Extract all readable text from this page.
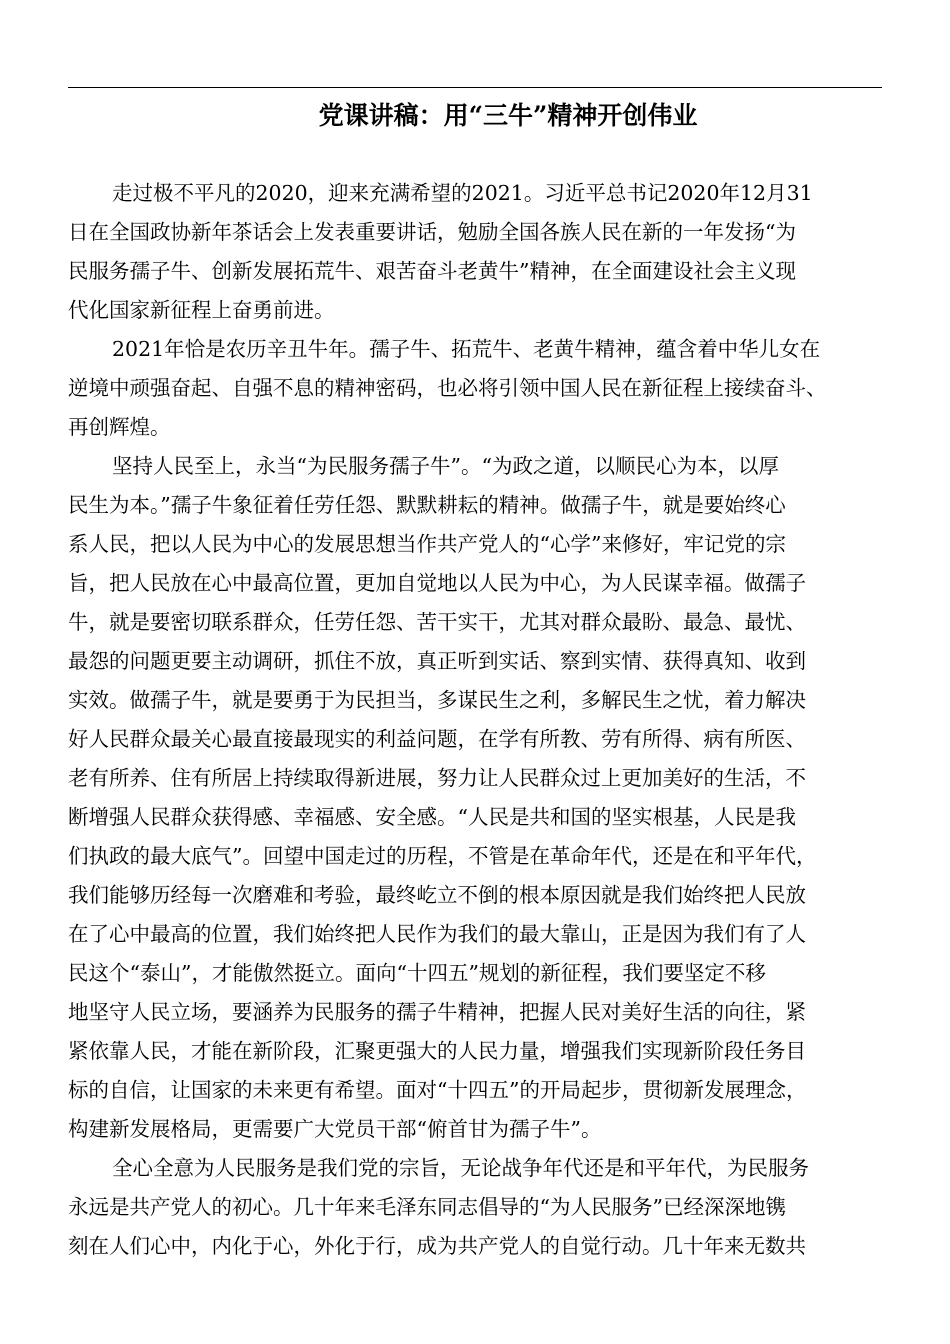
党课讲稿：用“三牛”精神开创伟业
走过极不平凡的2020，迎来充满希望的2021。习近平总书记2020年12月31
日在全国政协新年茶话会上发表重要讲话，勉励全国各族人民在新的一年发扬“为
民服务孺子牛、创新发展拓荒牛、艰苦奋斗老黄牛”精神，在全面建设社会主义现
代化国家新征程上奋勇前进。
2021年恰是农历辛丑牛年。孺子牛、拓荒牛、老黄牛精神，蕴含着中华儿女在
逆境中顽强奋起、自强不息的精神密码，也必将引领中国人民在新征程上接续奋斗、
再创辉煌。
坚持人民至上，永当“为民服务孺子牛”。“为政之道，以顺民心为本，以厚
民生为本。”孺子牛象征着任劳任怨、默默耕耘的精神。做孺子牛，就是要始终心
系人民，把以人民为中心的发展思想当作共产党人的“心学”来修好，牢记党的宗
旨，把人民放在心中最高位置，更加自觉地以人民为中心，为人民谋幸福。做孺子
牛，就是要密切联系群众，任劳任怨、苦干实干，尤其对群众最盼、最急、最忧、
最怨的问题更要主动调研，抓住不放，真正听到实话、察到实情、获得真知、收到
实效。做孺子牛，就是要勇于为民担当，多谋民生之利，多解民生之忧，着力解决
好人民群众最关心最直接最现实的利益问题，在学有所教、劳有所得、病有所医、
老有所养、住有所居上持续取得新进展，努力让人民群众过上更加美好的生活，不
断增强人民群众获得感、幸福感、安全感。“人民是共和国的坚实根基，人民是我
们执政的最大底气”。回望中国走过的历程，不管是在革命年代，还是在和平年代，
我们能够历经每一次磨难和考验，最终屹立不倒的根本原因就是我们始终把人民放
在了心中最高的位置，我们始终把人民作为我们的最大靠山，正是因为我们有了人
民这个“泰山”，才能傲然挺立。面向“十四五”规划的新征程，我们要坚定不移
地坚守人民立场，要涵养为民服务的孺子牛精神，把握人民对美好生活的向往，紧
紧依靠人民，才能在新阶段，汇聚更强大的人民力量，增强我们实现新阶段任务目
标的自信，让国家的未来更有希望。面对“十四五”的开局起步，贯彻新发展理念，
构建新发展格局，更需要广大党员干部“俯首甘为孺子牛”。
全心全意为人民服务是我们党的宗旨，无论战争年代还是和平年代，为民服务
永远是共产党人的初心。几十年来毛泽东同志倡导的“为人民服务”已经深深地镌
刻在人们心中，内化于心，外化于行，成为共产党人的自觉行动。几十年来无数共
